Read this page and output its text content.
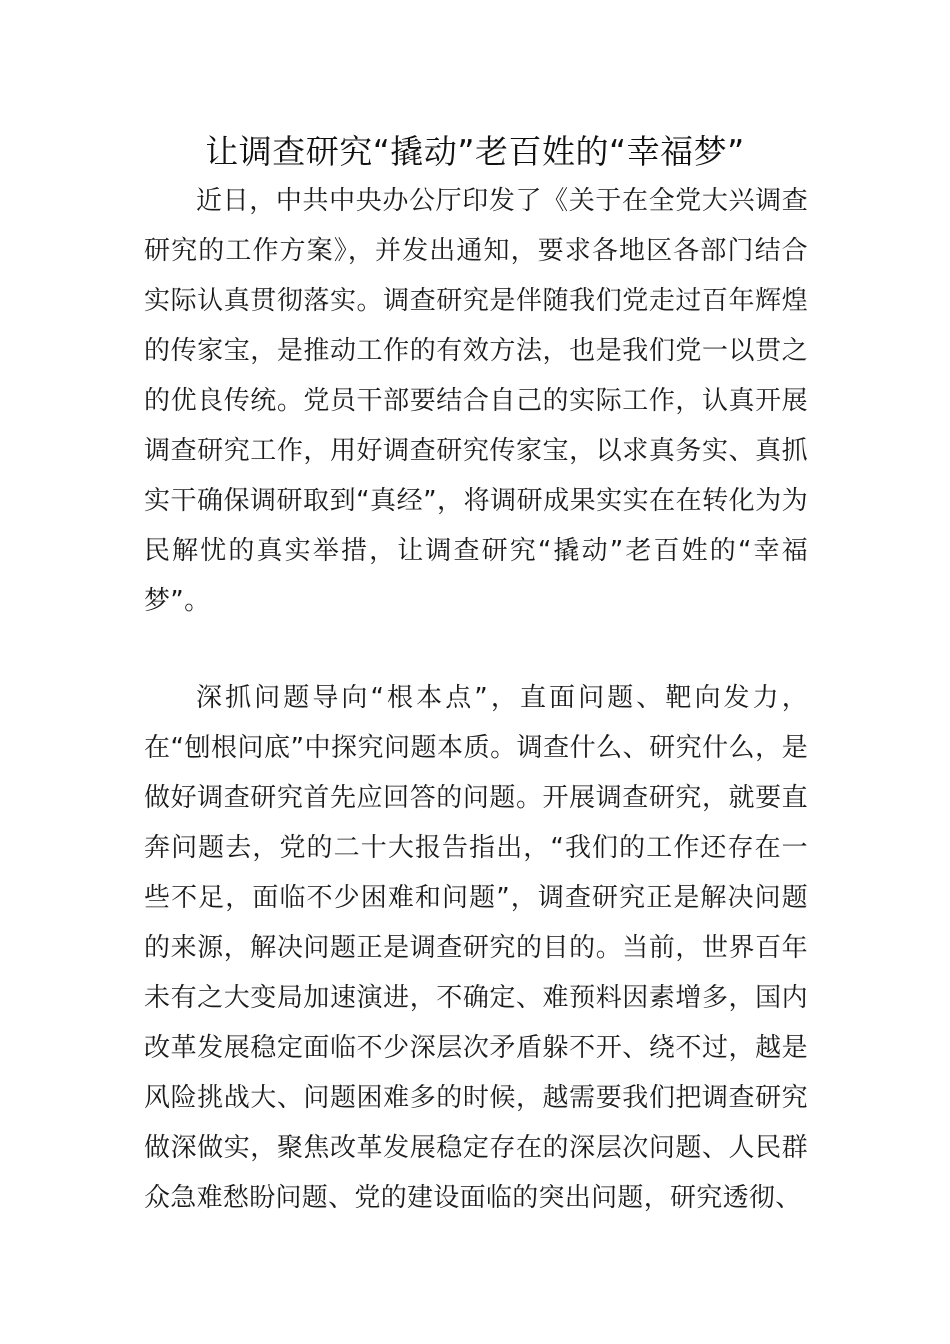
让调查研究“撬动”老百姓的“幸福梦”

近日，中共中央办公厅印发了《关于在全党大兴调查研究的工作方案》，并发出通知，要求各地区各部门结合实际认真贯彻落实。调查研究是伴随我们党走过百年辉煌的传家宝，是推动工作的有效方法，也是我们党一以贯之的优良传统。党员干部要结合自己的实际工作，认真开展调查研究工作，用好调查研究传家宝，以求真务实、真抓实干确保调研取到“真经”，将调研成果实实在在转化为为民解忧的真实举措，让调查研究“撬动”老百姓的“幸福梦”。

深抓问题导向“根本点”，直面问题、靶向发力，在“刨根问底”中探究问题本质。调查什么、研究什么，是做好调查研究首先应回答的问题。开展调查研究，就要直奔问题去，党的二十大报告指出，“我们的工作还存在一些不足，面临不少困难和问题”，调查研究正是解决问题的来源，解决问题正是调查研究的目的。当前，世界百年未有之大变局加速演进，不确定、难预料因素增多，国内改革发展稳定面临不少深层次矛盾躲不开、绕不过，越是风险挑战大、问题困难多的时候，越需要我们把调查研究做深做实，聚焦改革发展稳定存在的深层次问题、人民群众急难愁盼问题、党的建设面临的突出问题，研究透彻、
